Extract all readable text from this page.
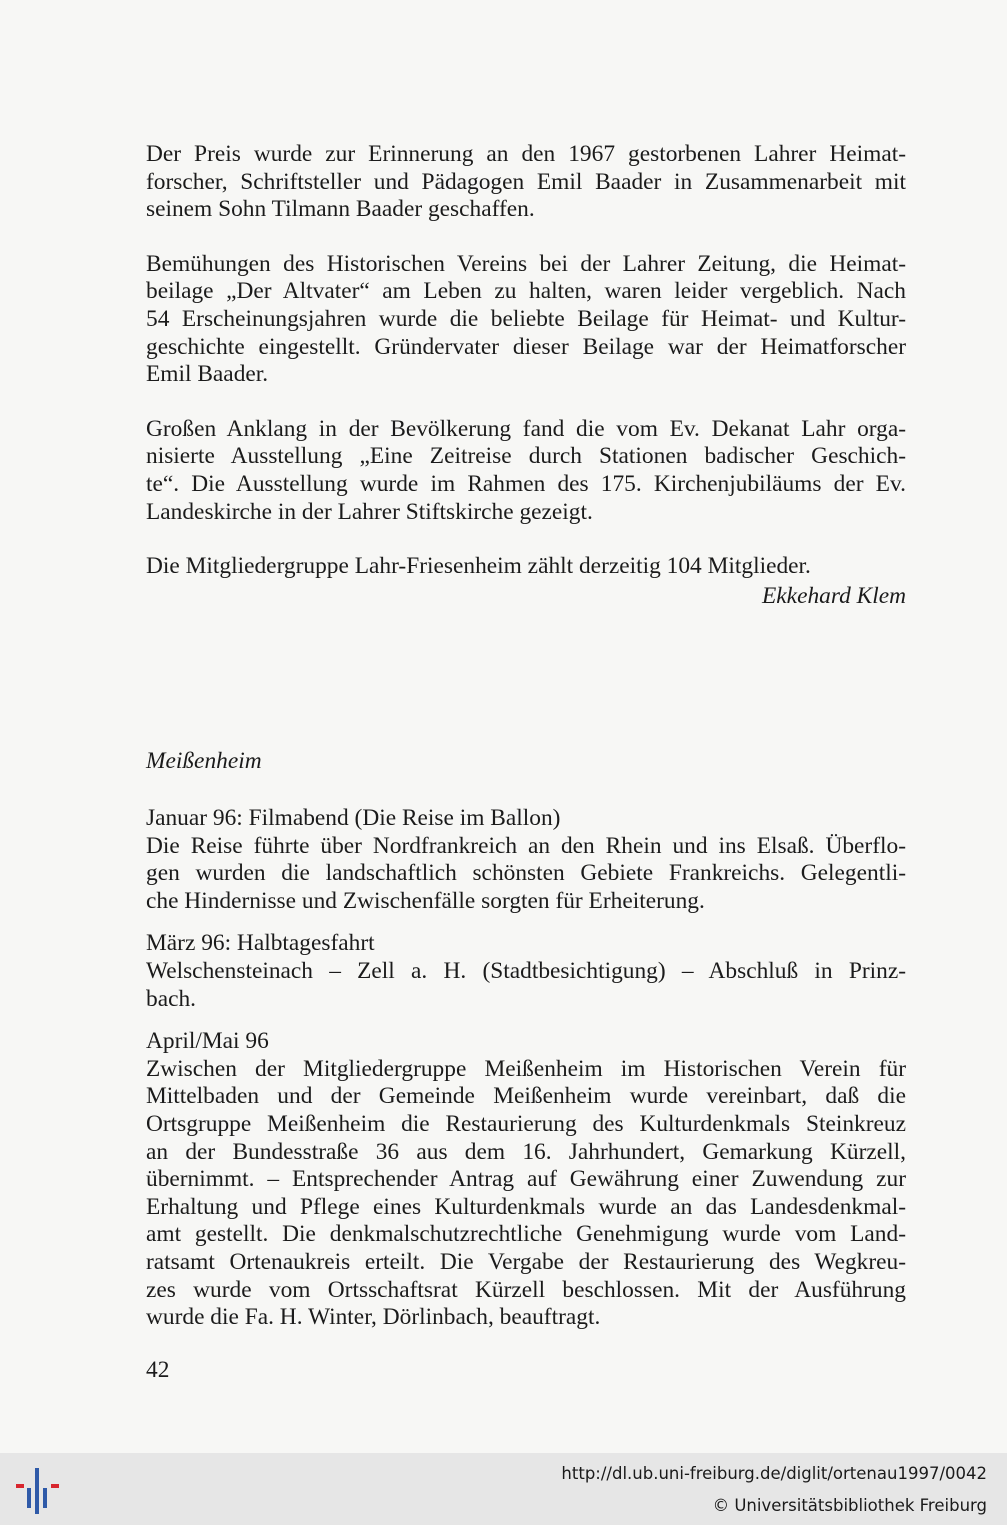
Der Preis wurde zur Erinnerung an den 1967 gestorbenen Lahrer Heimat-
forscher, Schriftsteller und Pädagogen Emil Baader in Zusammenarbeit mit
seinem Sohn Tilmann Baader geschaffen.

Bemühungen des Historischen Vereins bei der Lahrer Zeitung, die Heimat-
beilage „Der Altvater“ am Leben zu halten, waren leider vergeblich. Nach
54 Erscheinungsjahren wurde die beliebte Beilage für Heimat- und Kultur-
geschichte eingestellt. Gründervater dieser Beilage war der Heimatforscher
Emil Baader.

Großen Anklang in der Bevölkerung fand die vom Ev. Dekanat Lahr orga-
nisierte Ausstellung „Eine Zeitreise durch Stationen badischer Geschich-
te“. Die Ausstellung wurde im Rahmen des 175. Kirchenjubiläums der Ev.
Landeskirche in der Lahrer Stiftskirche gezeigt.

Die Mitgliedergruppe Lahr-Friesenheim zählt derzeitig 104 Mitglieder.

Ekkehard Klem
Meißenheim

Januar 96: Filmabend (Die Reise im Ballon)
Die Reise führte über Nordfrankreich an den Rhein und ins Elsaß. Überflo-
gen wurden die landschaftlich schönsten Gebiete Frankreichs. Gelegentli-
che Hindernisse und Zwischenfälle sorgten für Erheiterung.

März 96: Halbtagesfahrt
Welschensteinach – Zell a. H. (Stadtbesichtigung) – Abschluß in Prinz-
bach.

April/Mai 96
Zwischen der Mitgliedergruppe Meißenheim im Historischen Verein für
Mittelbaden und der Gemeinde Meißenheim wurde vereinbart, daß die
Ortsgruppe Meißenheim die Restaurierung des Kulturdenkmals Steinkreuz
an der Bundesstraße 36 aus dem 16. Jahrhundert, Gemarkung Kürzell,
übernimmt. – Entsprechender Antrag auf Gewährung einer Zuwendung zur
Erhaltung und Pflege eines Kulturdenkmals wurde an das Landesdenkmal-
amt gestellt. Die denkmalschutzrechtliche Genehmigung wurde vom Land-
ratsamt Ortenaukreis erteilt. Die Vergabe der Restaurierung des Wegkreu-
zes wurde vom Ortsschaftsrat Kürzell beschlossen. Mit der Ausführung
wurde die Fa. H. Winter, Dörlinbach, beauftragt.

42
http://dl.ub.uni-freiburg.de/diglit/ortenau1997/0042
© Universitätsbibliothek Freiburg
